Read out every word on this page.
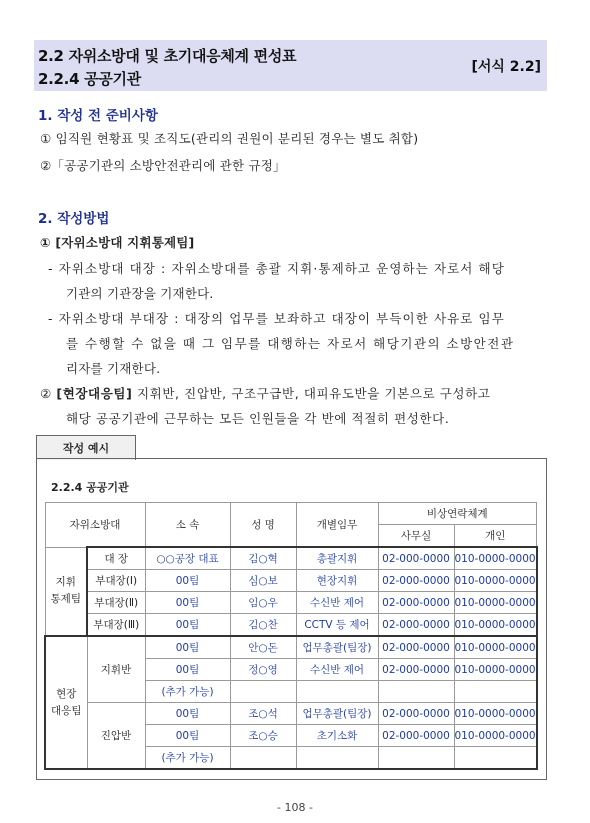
2.2 자위소방대 및 초기대응체계 편성표
2.2.4 공공기관
[서식 2.2]
1. 작성 전 준비사항
① 임직원 현황표 및 조직도(관리의 권원이 분리된 경우는 별도 취합)
②「공공기관의 소방안전관리에 관한 규정」
2. 작성방법
① [자위소방대 지휘통제팀]
- 자위소방대 대장 : 자위소방대를 총괄 지휘·통제하고 운영하는 자로서 해당
기관의 기관장을 기재한다.
- 자위소방대 부대장 : 대장의 업무를 보좌하고 대장이 부득이한 사유로 임무
를 수행할 수 없을 때 그 임무를 대행하는 자로서 해당기관의 소방안전관
리자를 기재한다.
② [현장대응팀] 지휘반, 진압반, 구조구급반, 대피유도반을 기본으로 구성하고
해당 공공기관에 근무하는 모든 인원들을 각 반에 적절히 편성한다.
작성 예시
2.2.4 공공기관
자위소방대		소 속	성 명	개별임무	비상연락체계	
					사무실	개인
지휘
통제팀	대 장	○○공장 대표	김○혁	총괄지휘	02-000-0000	010-0000-0000
	부대장(Ⅰ)	00팀	심○보	현장지휘	02-000-0000	010-0000-0000
	부대장(Ⅱ)	00팀	임○우	수신반 제어	02-000-0000	010-0000-0000
	부대장(Ⅲ)	00팀	김○찬	CCTV 등 제어	02-000-0000	010-0000-0000
현장
대응팀	지휘반	00팀	안○돈	업무총괄(팀장)	02-000-0000	010-0000-0000
		00팀	정○영	수신반 제어	02-000-0000	010-0000-0000
		(추가 가능)				
	진압반	00팀	조○석	업무총괄(팀장)	02-000-0000	010-0000-0000
		00팀	조○승	초기소화	02-000-0000	010-0000-0000
		(추가 가능)				
- 108 -
